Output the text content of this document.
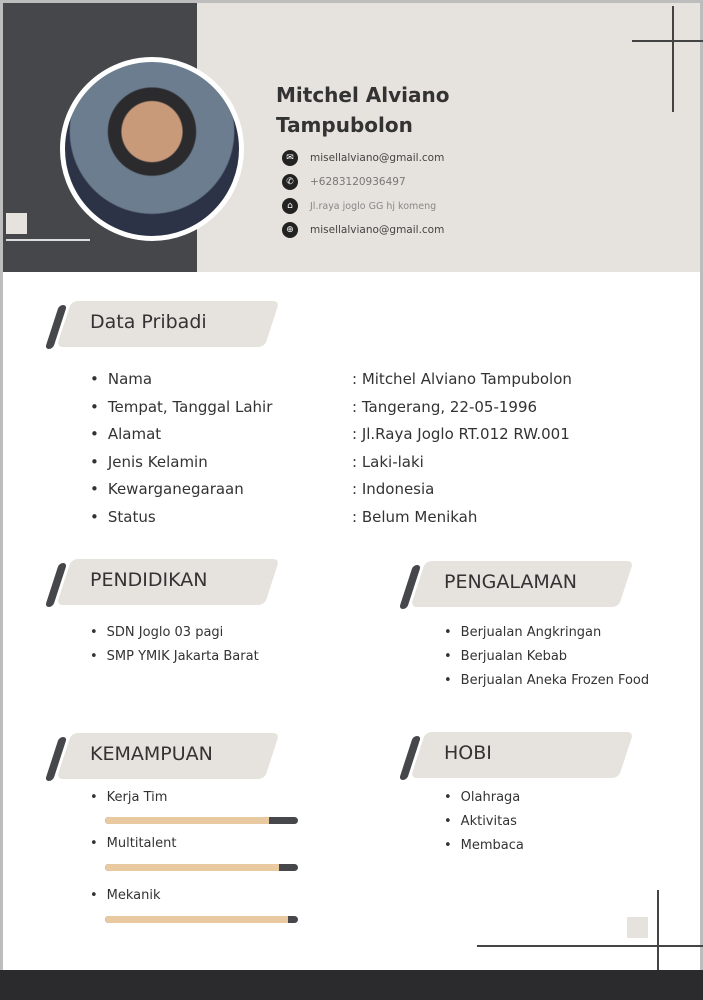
Mitchel Alviano
Tampubolon
✉	misellalviano@gmail.com
✆	+6283120936497
⌂	Jl.raya joglo GG hj komeng
⊕	misellalviano@gmail.com
Data Pribadi
• Nama	: Mitchel Alviano Tampubolon
• Tempat, Tanggal Lahir	: Tangerang, 22-05-1996
• Alamat	: Jl.Raya Joglo RT.012 RW.001
• Jenis Kelamin	: Laki-laki
• Kewarganegaraan	: Indonesia
• Status	: Belum Menikah
PENDIDIKAN
• SDN Joglo 03 pagi
• SMP YMIK Jakarta Barat
PENGALAMAN
• Berjualan Angkringan
• Berjualan Kebab
• Berjualan Aneka Frozen Food
KEMAMPUAN
• Kerja Tim
• Multitalent
• Mekanik
HOBI
• Olahraga
• Aktivitas
• Membaca
